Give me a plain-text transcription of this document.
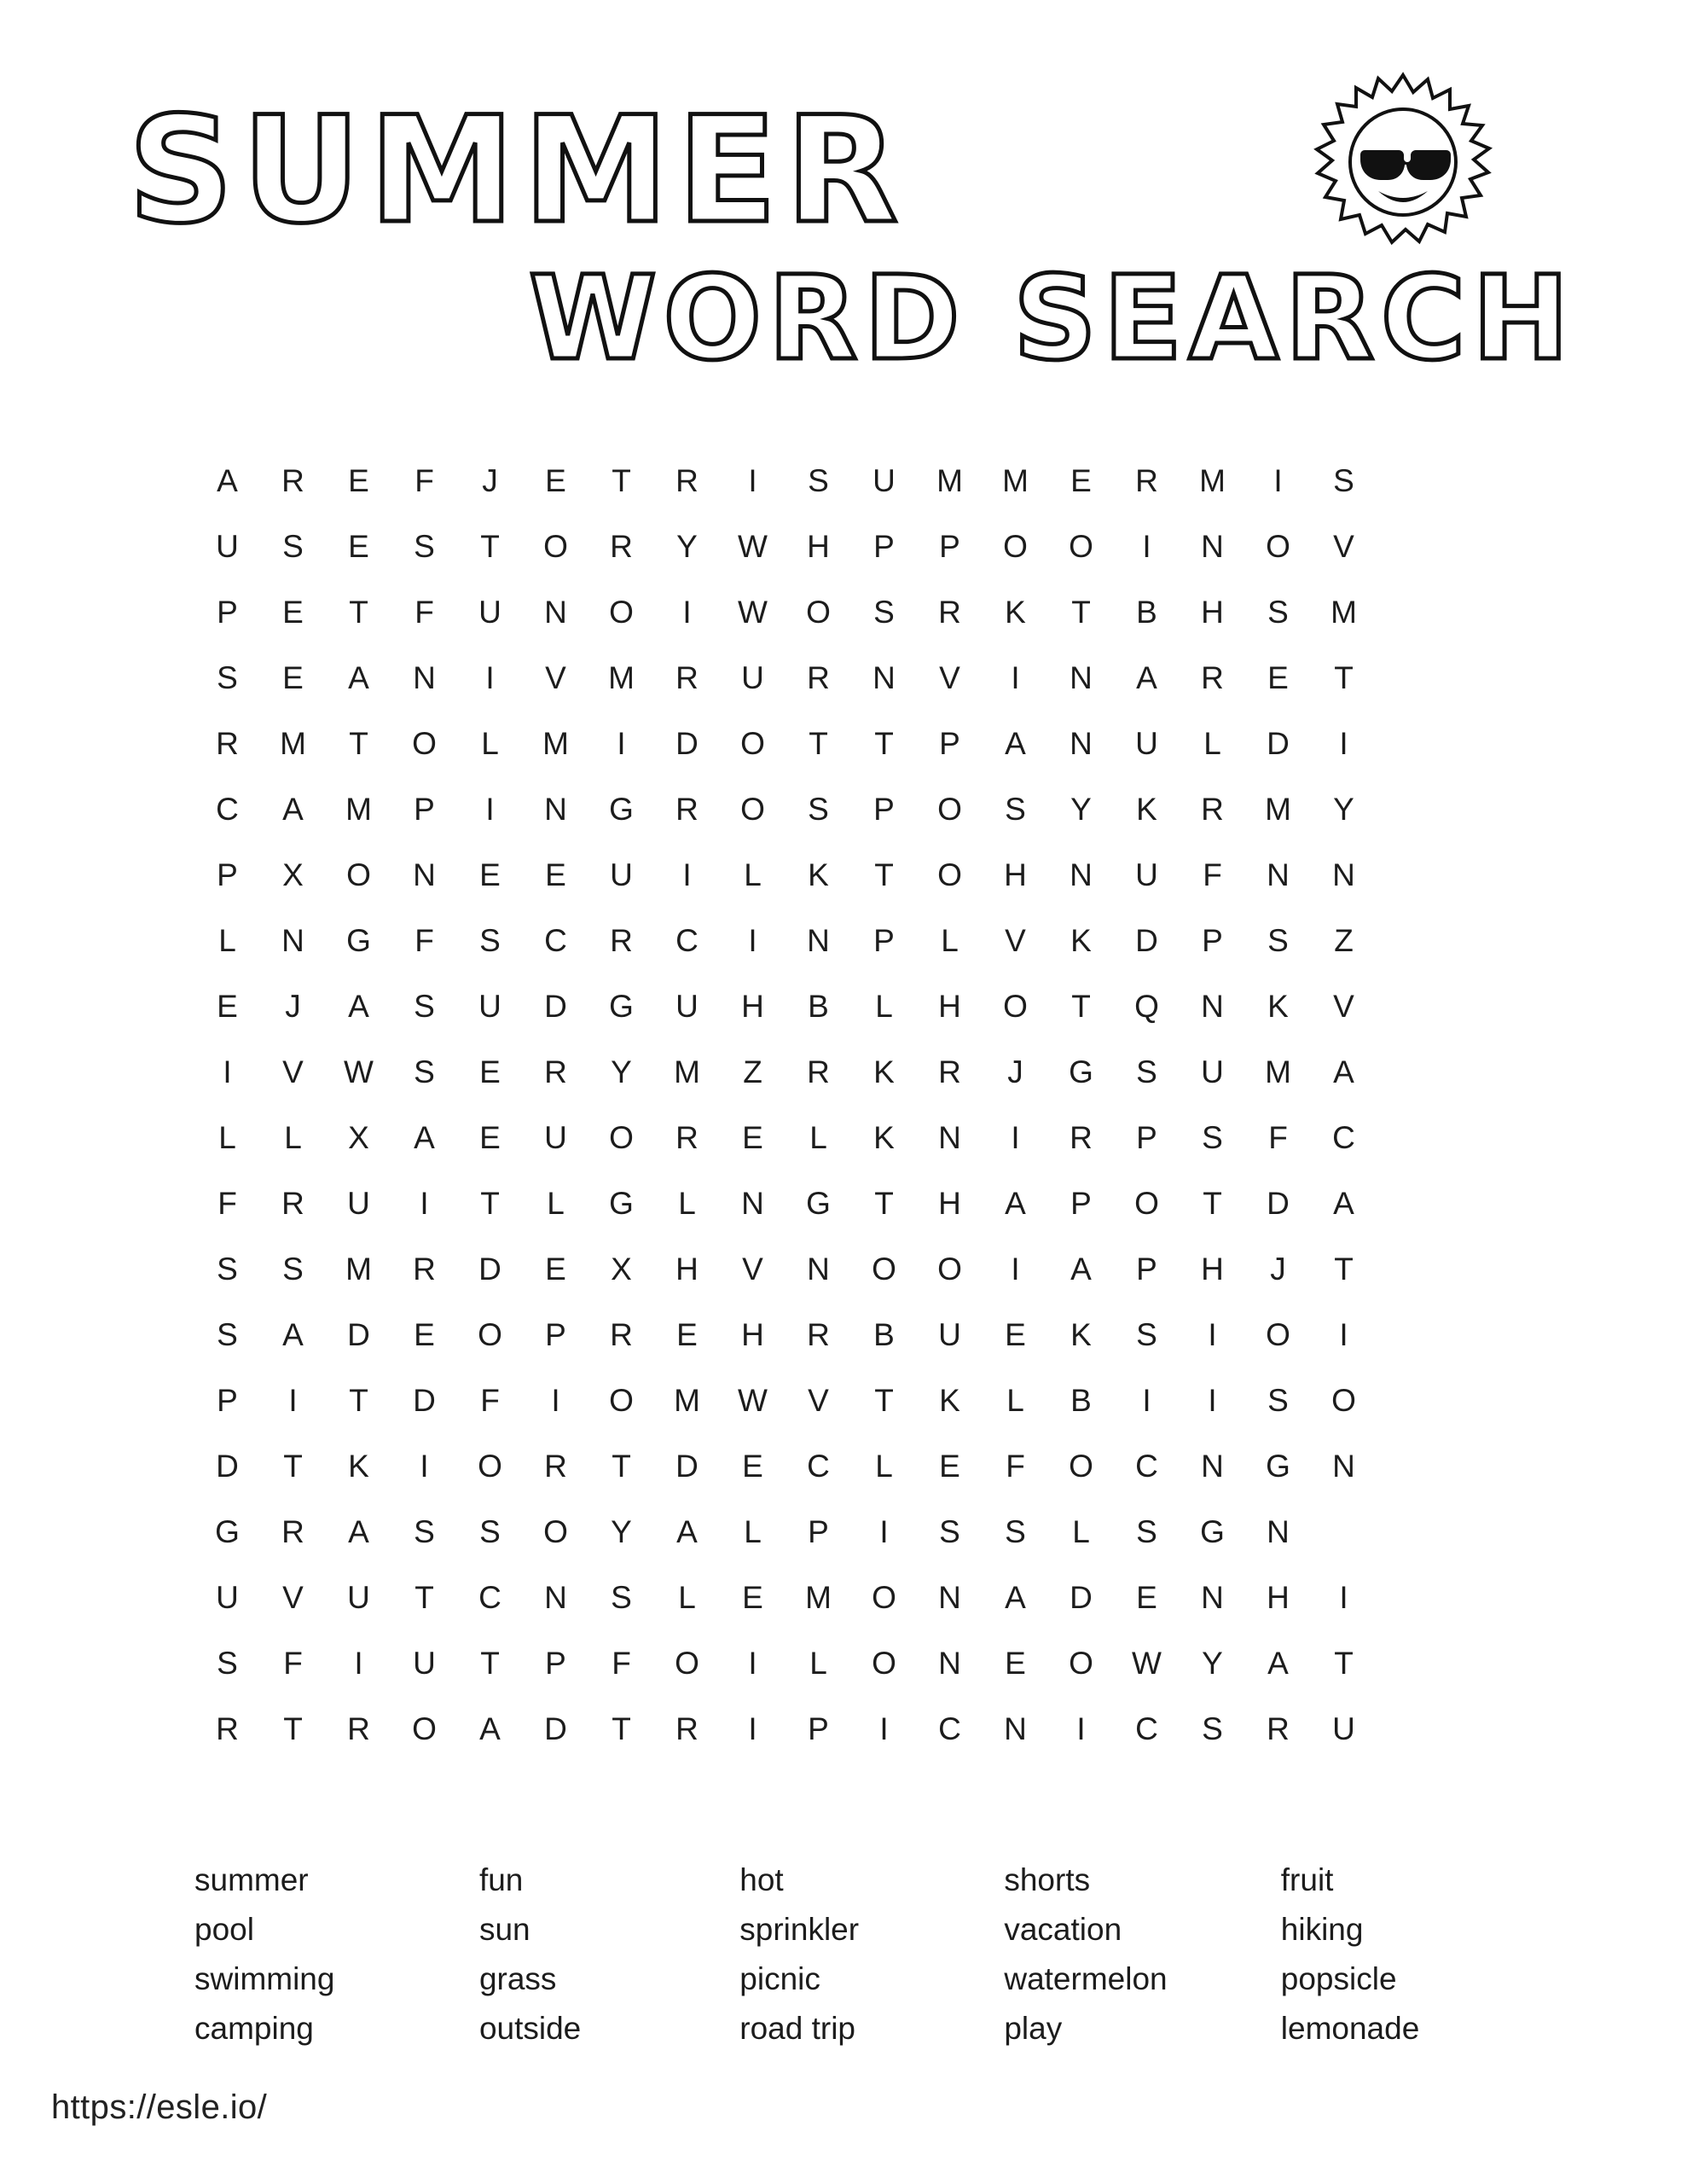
SUMMER
WORD SEARCH
A	R	E	F	J	E	T	R	I	S	U	M	M	E	R	M	I	S
U	S	E	S	T	O	R	Y	W	H	P	P	O	O	I	N	O	V
P	E	T	F	U	N	O	I	W	O	S	R	K	T	B	H	S	M
S	E	A	N	I	V	M	R	U	R	N	V	I	N	A	R	E	T
R	M	T	O	L	M	I	D	O	T	T	P	A	N	U	L	D	I
C	A	M	P	I	N	G	R	O	S	P	O	S	Y	K	R	M	Y
P	X	O	N	E	E	U	I	L	K	T	O	H	N	U	F	N	N
L	N	G	F	S	C	R	C	I	N	P	L	V	K	D	P	S	Z
E	J	A	S	U	D	G	U	H	B	L	H	O	T	Q	N	K	V
I	V	W	S	E	R	Y	M	Z	R	K	R	J	G	S	U	M	A
L	L	X	A	E	U	O	R	E	L	K	N	I	R	P	S	F	C
F	R	U	I	T	L	G	L	N	G	T	H	A	P	O	T	D	A
S	S	M	R	D	E	X	H	V	N	O	O	I	A	P	H	J	T
S	A	D	E	O	P	R	E	H	R	B	U	E	K	S	I	O	I
P	I	T	D	F	I	O	M	W	V	T	K	L	B	I	I	S	O
D	T	K	I	O	R	T	D	E	C	L	E	F	O	C	N	G	N
G	R	A	S	S	O	Y	A	L	P	I	S	S	L	S	G	N
U	V	U	T	C	N	S	L	E	M	O	N	A	D	E	N	H	I
S	F	I	U	T	P	F	O	I	L	O	N	E	O	W	Y	A	T
R	T	R	O	A	D	T	R	I	P	I	C	N	I	C	S	R	U
summer
pool
swimming
camping
fun
sun
grass
outside
hot
sprinkler
picnic
road trip
shorts
vacation
watermelon
play
fruit
hiking
popsicle
lemonade
https://esle.io/
